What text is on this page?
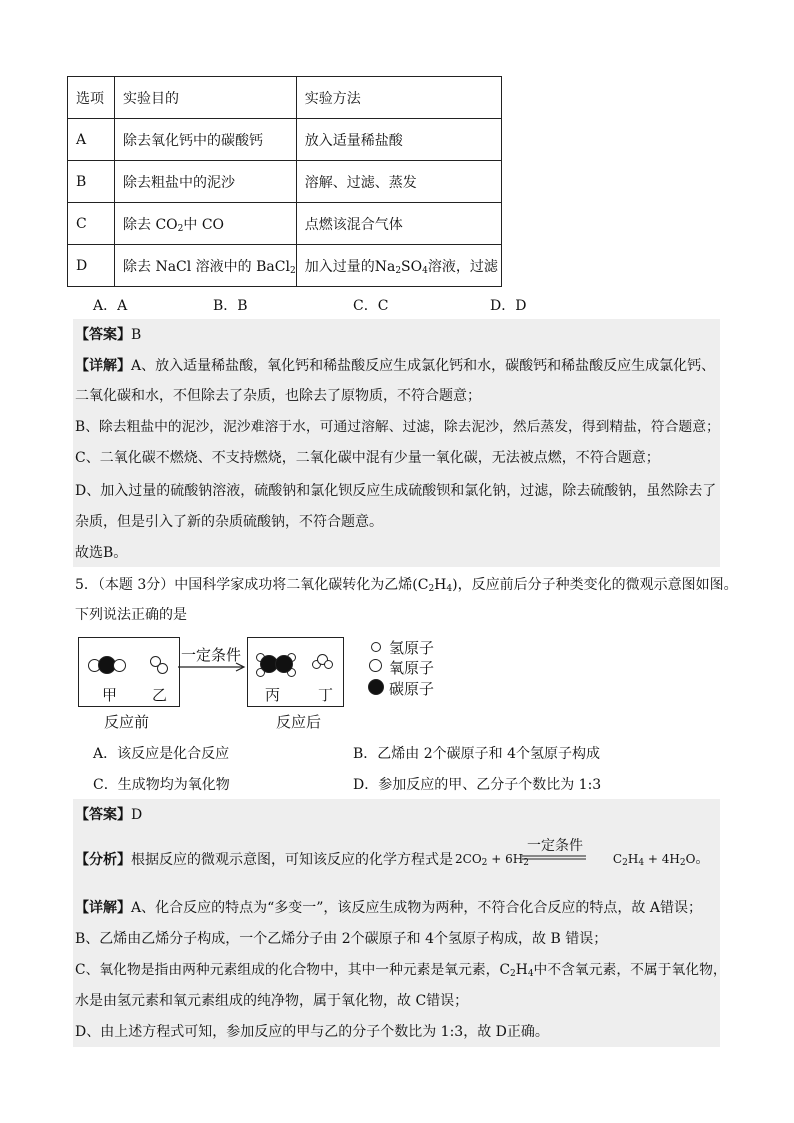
选项	实验目的	实验方法
A	除去氧化钙中的碳酸钙	放入适量稀盐酸
B	除去粗盐中的泥沙	溶解、过滤、蒸发
C	除去 $CO_2$中 CO	点燃该混合气体
D	除去 NaCl 溶液中的 BaCl$_2$	加入过量的$Na_2SO_4$溶液，过滤
A．A	B．B	C．C	D．D
【答案】B
【详解】A、放入适量稀盐酸，氧化钙和稀盐酸反应生成氯化钙和水，碳酸钙和稀盐酸反应生成氯化钙、
二氧化碳和水，不但除去了杂质，也除去了原物质，不符合题意；
B、除去粗盐中的泥沙，泥沙难溶于水，可通过溶解、过滤，除去泥沙，然后蒸发，得到精盐，符合题意；
C、二氧化碳不燃烧、不支持燃烧，二氧化碳中混有少量一氧化碳，无法被点燃，不符合题意；
D、加入过量的硫酸钠溶液，硫酸钠和氯化钡反应生成硫酸钡和氯化钠，过滤，除去硫酸钠，虽然除去了
杂质，但是引入了新的杂质硫酸钠，不符合题意。
故选B。
5．（本题 3分）中国科学家成功将二氧化碳转化为乙烯$(C_2H_4)$，反应前后分子种类变化的微观示意图如图。
下列说法正确的是
甲 乙
一定条件
丙	丁
反应前	反应后
氢原子
氧原子
碳原子
A．该反应是化合反应	B．乙烯由 2个碳原子和 4个氢原子构成
C．生成物均为氧化物	D．参加反应的甲、乙分子个数比为 1:3
【答案】D
【分析】根据反应的微观示意图，可知该反应的化学方程式是 $2CO_2 + 6H_2$	$C_2H_4 + 4H_2O$。
一定条件
【详解】A、化合反应的特点为“多变一”，该反应生成物为两种，不符合化合反应的特点，故 A错误；
B、乙烯由乙烯分子构成，一个乙烯分子由 2个碳原子和 4个氢原子构成，故 B 错误；
C、氧化物是指由两种元素组成的化合物中，其中一种元素是氧元素，$C_2H_4$中不含氧元素，不属于氧化物，
水是由氢元素和氧元素组成的纯净物，属于氧化物，故 C错误；
D、由上述方程式可知，参加反应的甲与乙的分子个数比为 1:3，故 D正确。
